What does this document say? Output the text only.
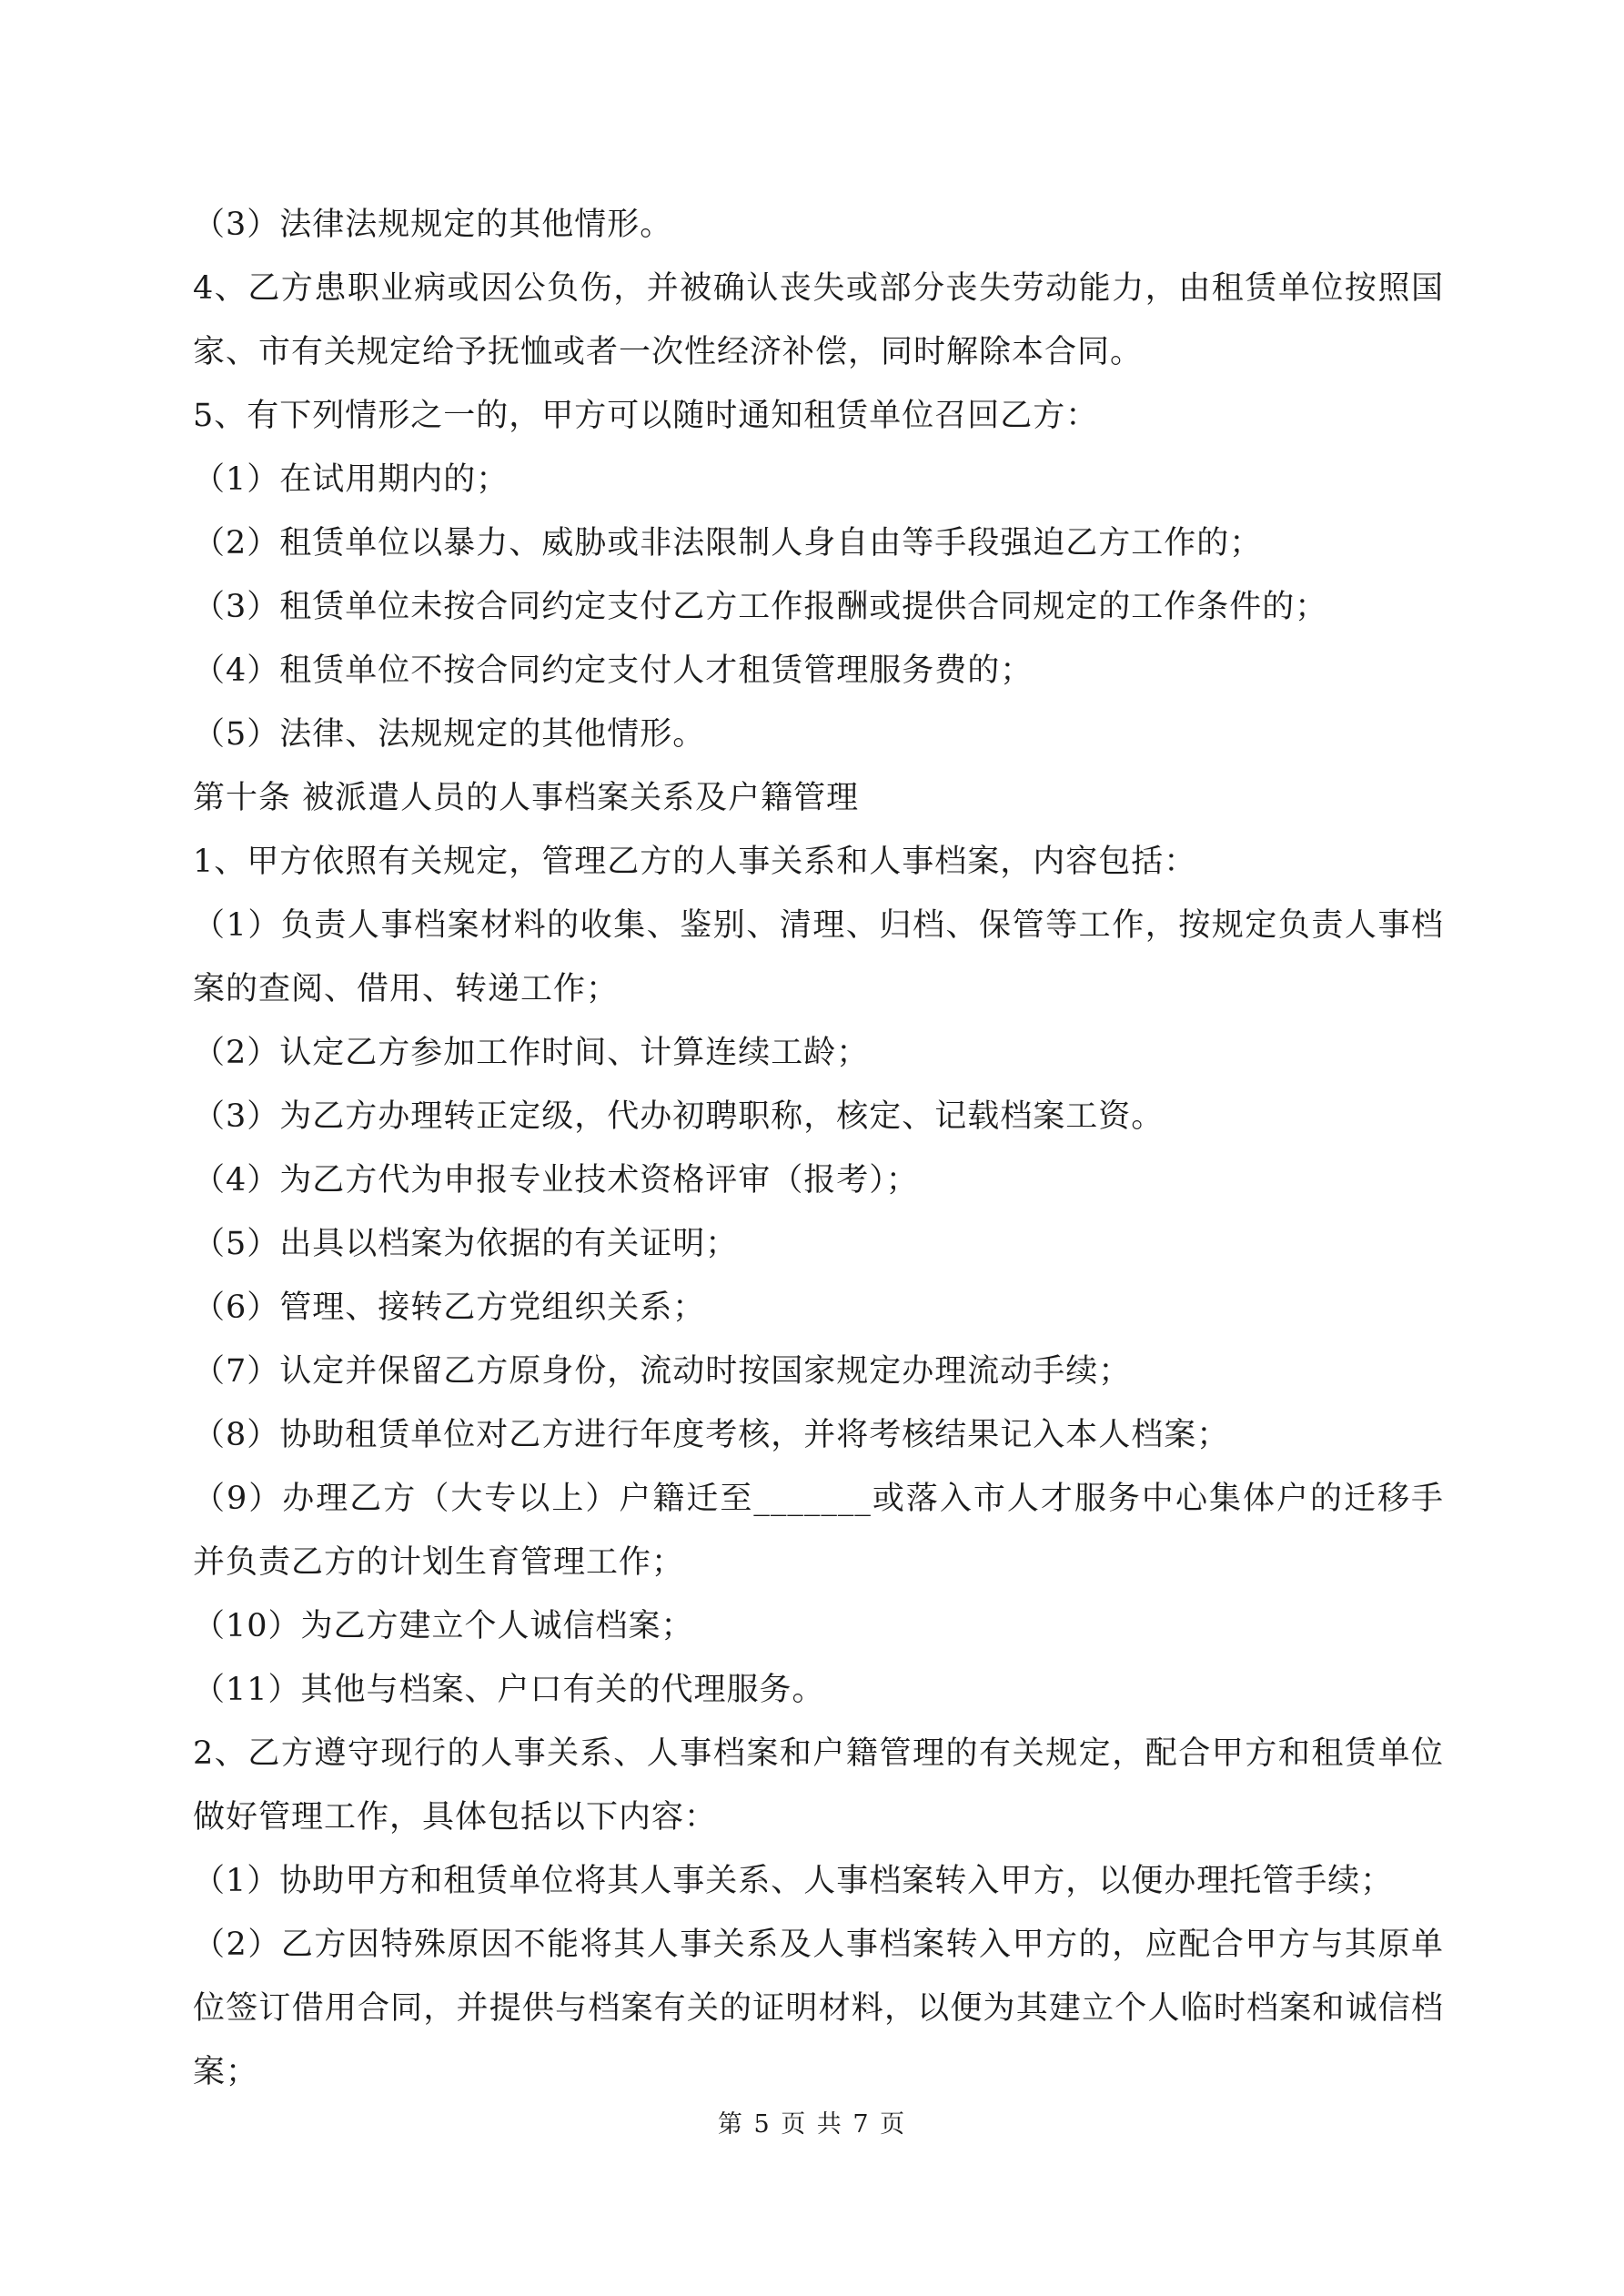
（3）法律法规规定的其他情形。
4、乙方患职业病或因公负伤，并被确认丧失或部分丧失劳动能力，由租赁单位按照国
家、市有关规定给予抚恤或者一次性经济补偿，同时解除本合同。
5、有下列情形之一的，甲方可以随时通知租赁单位召回乙方：
（1）在试用期内的；
（2）租赁单位以暴力、威胁或非法限制人身自由等手段强迫乙方工作的；
（3）租赁单位未按合同约定支付乙方工作报酬或提供合同规定的工作条件的；
（4）租赁单位不按合同约定支付人才租赁管理服务费的；
（5）法律、法规规定的其他情形。
第十条 被派遣人员的人事档案关系及户籍管理
1、甲方依照有关规定，管理乙方的人事关系和人事档案，内容包括：
（1）负责人事档案材料的收集、鉴别、清理、归档、保管等工作，按规定负责人事档
案的查阅、借用、转递工作；
（2）认定乙方参加工作时间、计算连续工龄；
（3）为乙方办理转正定级，代办初聘职称，核定、记载档案工资。
（4）为乙方代为申报专业技术资格评审（报考）；
（5）出具以档案为依据的有关证明；
（6）管理、接转乙方党组织关系；
（7）认定并保留乙方原身份，流动时按国家规定办理流动手续；
（8）协助租赁单位对乙方进行年度考核，并将考核结果记入本人档案；
（9）办理乙方（大专以上）户籍迁至_______或落入市人才服务中心集体户的迁移手
并负责乙方的计划生育管理工作；
（10）为乙方建立个人诚信档案；
（11）其他与档案、户口有关的代理服务。
2、乙方遵守现行的人事关系、人事档案和户籍管理的有关规定，配合甲方和租赁单位
做好管理工作，具体包括以下内容：
（1）协助甲方和租赁单位将其人事关系、人事档案转入甲方，以便办理托管手续；
（2）乙方因特殊原因不能将其人事关系及人事档案转入甲方的，应配合甲方与其原单
位签订借用合同，并提供与档案有关的证明材料，以便为其建立个人临时档案和诚信档
案；
第 5 页 共 7 页
